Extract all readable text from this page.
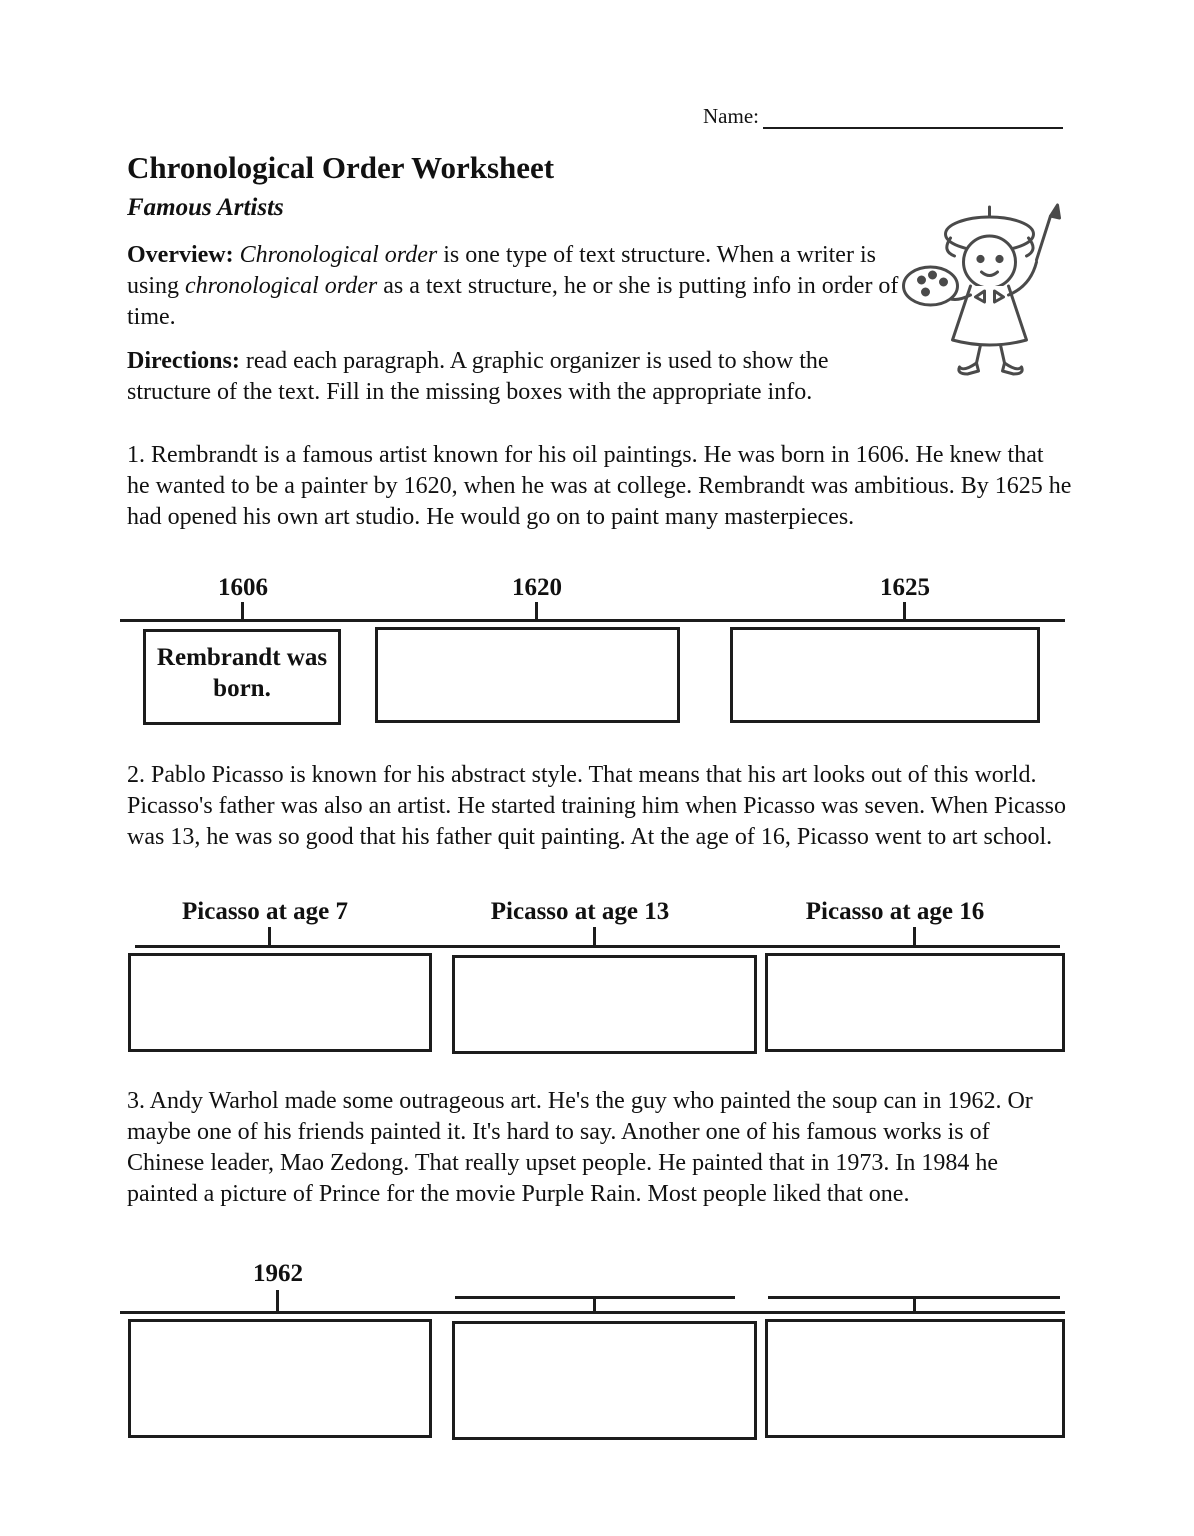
Name:
Chronological Order Worksheet
Famous Artists

Overview: Chronological order is one type of text structure. When a writer is using chronological order as a text structure, he or she is putting info in order of time.

Directions: read each paragraph. A graphic organizer is used to show the structure of the text. Fill in the missing boxes with the appropriate info.

1. Rembrandt is a famous artist known for his oil paintings. He was born in 1606. He knew that he wanted to be a painter by 1620, when he was at college. Rembrandt was ambitious. By 1625 he had opened his own art studio. He would go on to paint many masterpieces.

1606	1620	1625
Rembrandt was born.

2. Pablo Picasso is known for his abstract style. That means that his art looks out of this world. Picasso's father was also an artist. He started training him when Picasso was seven. When Picasso was 13, he was so good that his father quit painting. At the age of 16, Picasso went to art school.

Picasso at age 7	Picasso at age 13	Picasso at age 16

3. Andy Warhol made some outrageous art. He's the guy who painted the soup can in 1962. Or maybe one of his friends painted it. It's hard to say. Another one of his famous works is of Chinese leader, Mao Zedong. That really upset people. He painted that in 1973. In 1984 he painted a picture of Prince for the movie Purple Rain. Most people liked that one.

1962
